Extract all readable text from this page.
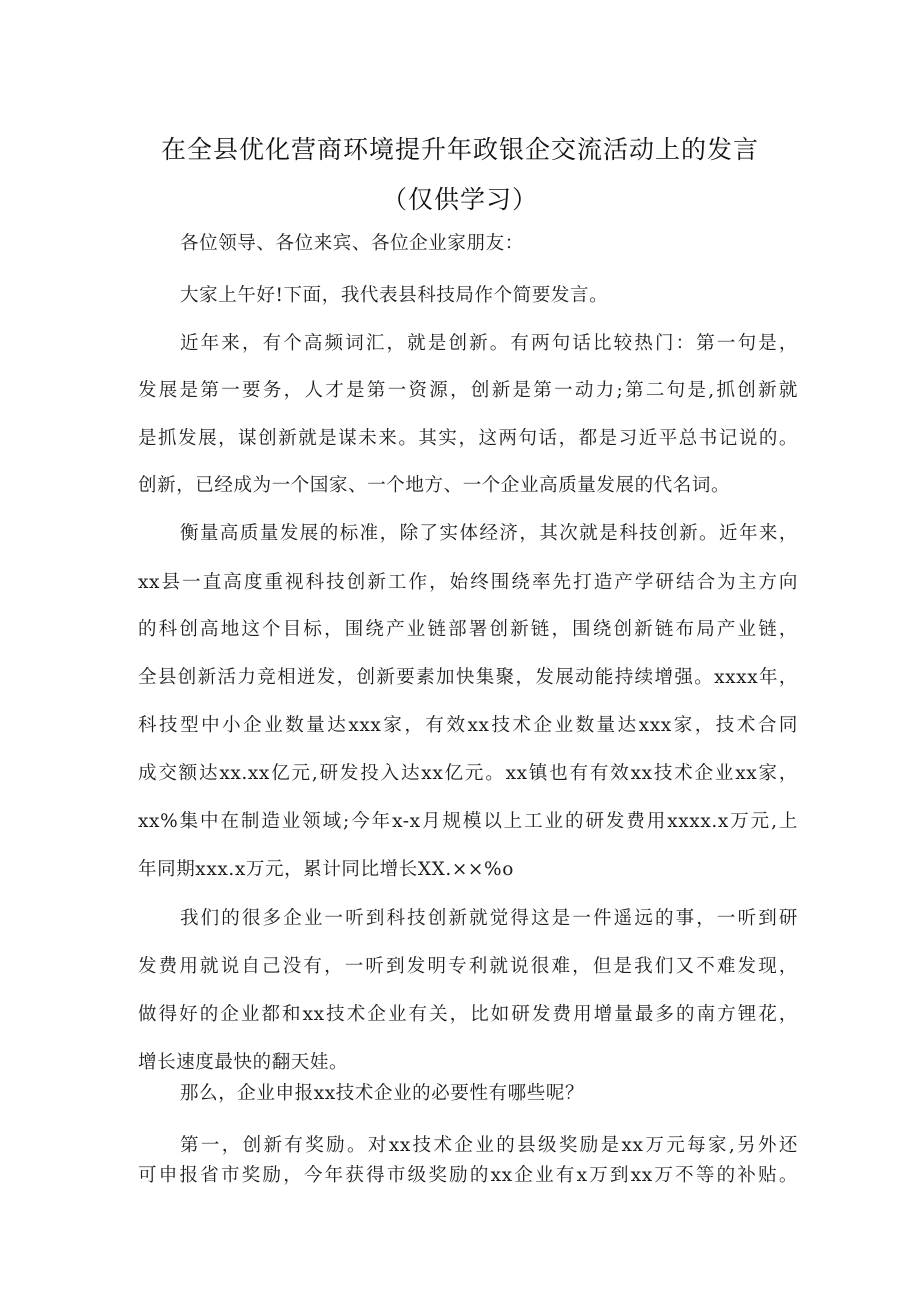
在全县优化营商环境提升年政银企交流活动上的发言
（仅供学习）
各位领导、各位来宾、各位企业家朋友：
大家上午好!下面，我代表县科技局作个简要发言。
近年来，有个高频词汇，就是创新。有两句话比较热门：第一句是，
发展是第一要务，人才是第一资源，创新是第一动力;第二句是,抓创新就
是抓发展，谋创新就是谋未来。其实，这两句话，都是习近平总书记说的。
创新，已经成为一个国家、一个地方、一个企业高质量发展的代名词。
衡量高质量发展的标准，除了实体经济，其次就是科技创新。近年来，
xx县一直高度重视科技创新工作，始终围绕率先打造产学研结合为主方向
的科创高地这个目标，围绕产业链部署创新链，围绕创新链布局产业链，
全县创新活力竞相迸发，创新要素加快集聚，发展动能持续增强。xxxx年，
科技型中小企业数量达xxx家，有效xx技术企业数量达xxx家，技术合同
成交额达xx.xx亿元,研发投入达xx亿元。xx镇也有有效xx技术企业xx家，
xx%集中在制造业领域;今年x-x月规模以上工业的研发费用xxxx.x万元,上
年同期xxx.x万元，累计同比增长XX.××%o
我们的很多企业一听到科技创新就觉得这是一件遥远的事，一听到研
发费用就说自己没有，一听到发明专利就说很难，但是我们又不难发现，
做得好的企业都和xx技术企业有关，比如研发费用增量最多的南方锂花，
增长速度最快的翻天娃。
那么，企业申报xx技术企业的必要性有哪些呢？
第一，创新有奖励。对xx技术企业的县级奖励是xx万元每家,另外还
可申报省市奖励，今年获得市级奖励的xx企业有x万到xx万不等的补贴。
